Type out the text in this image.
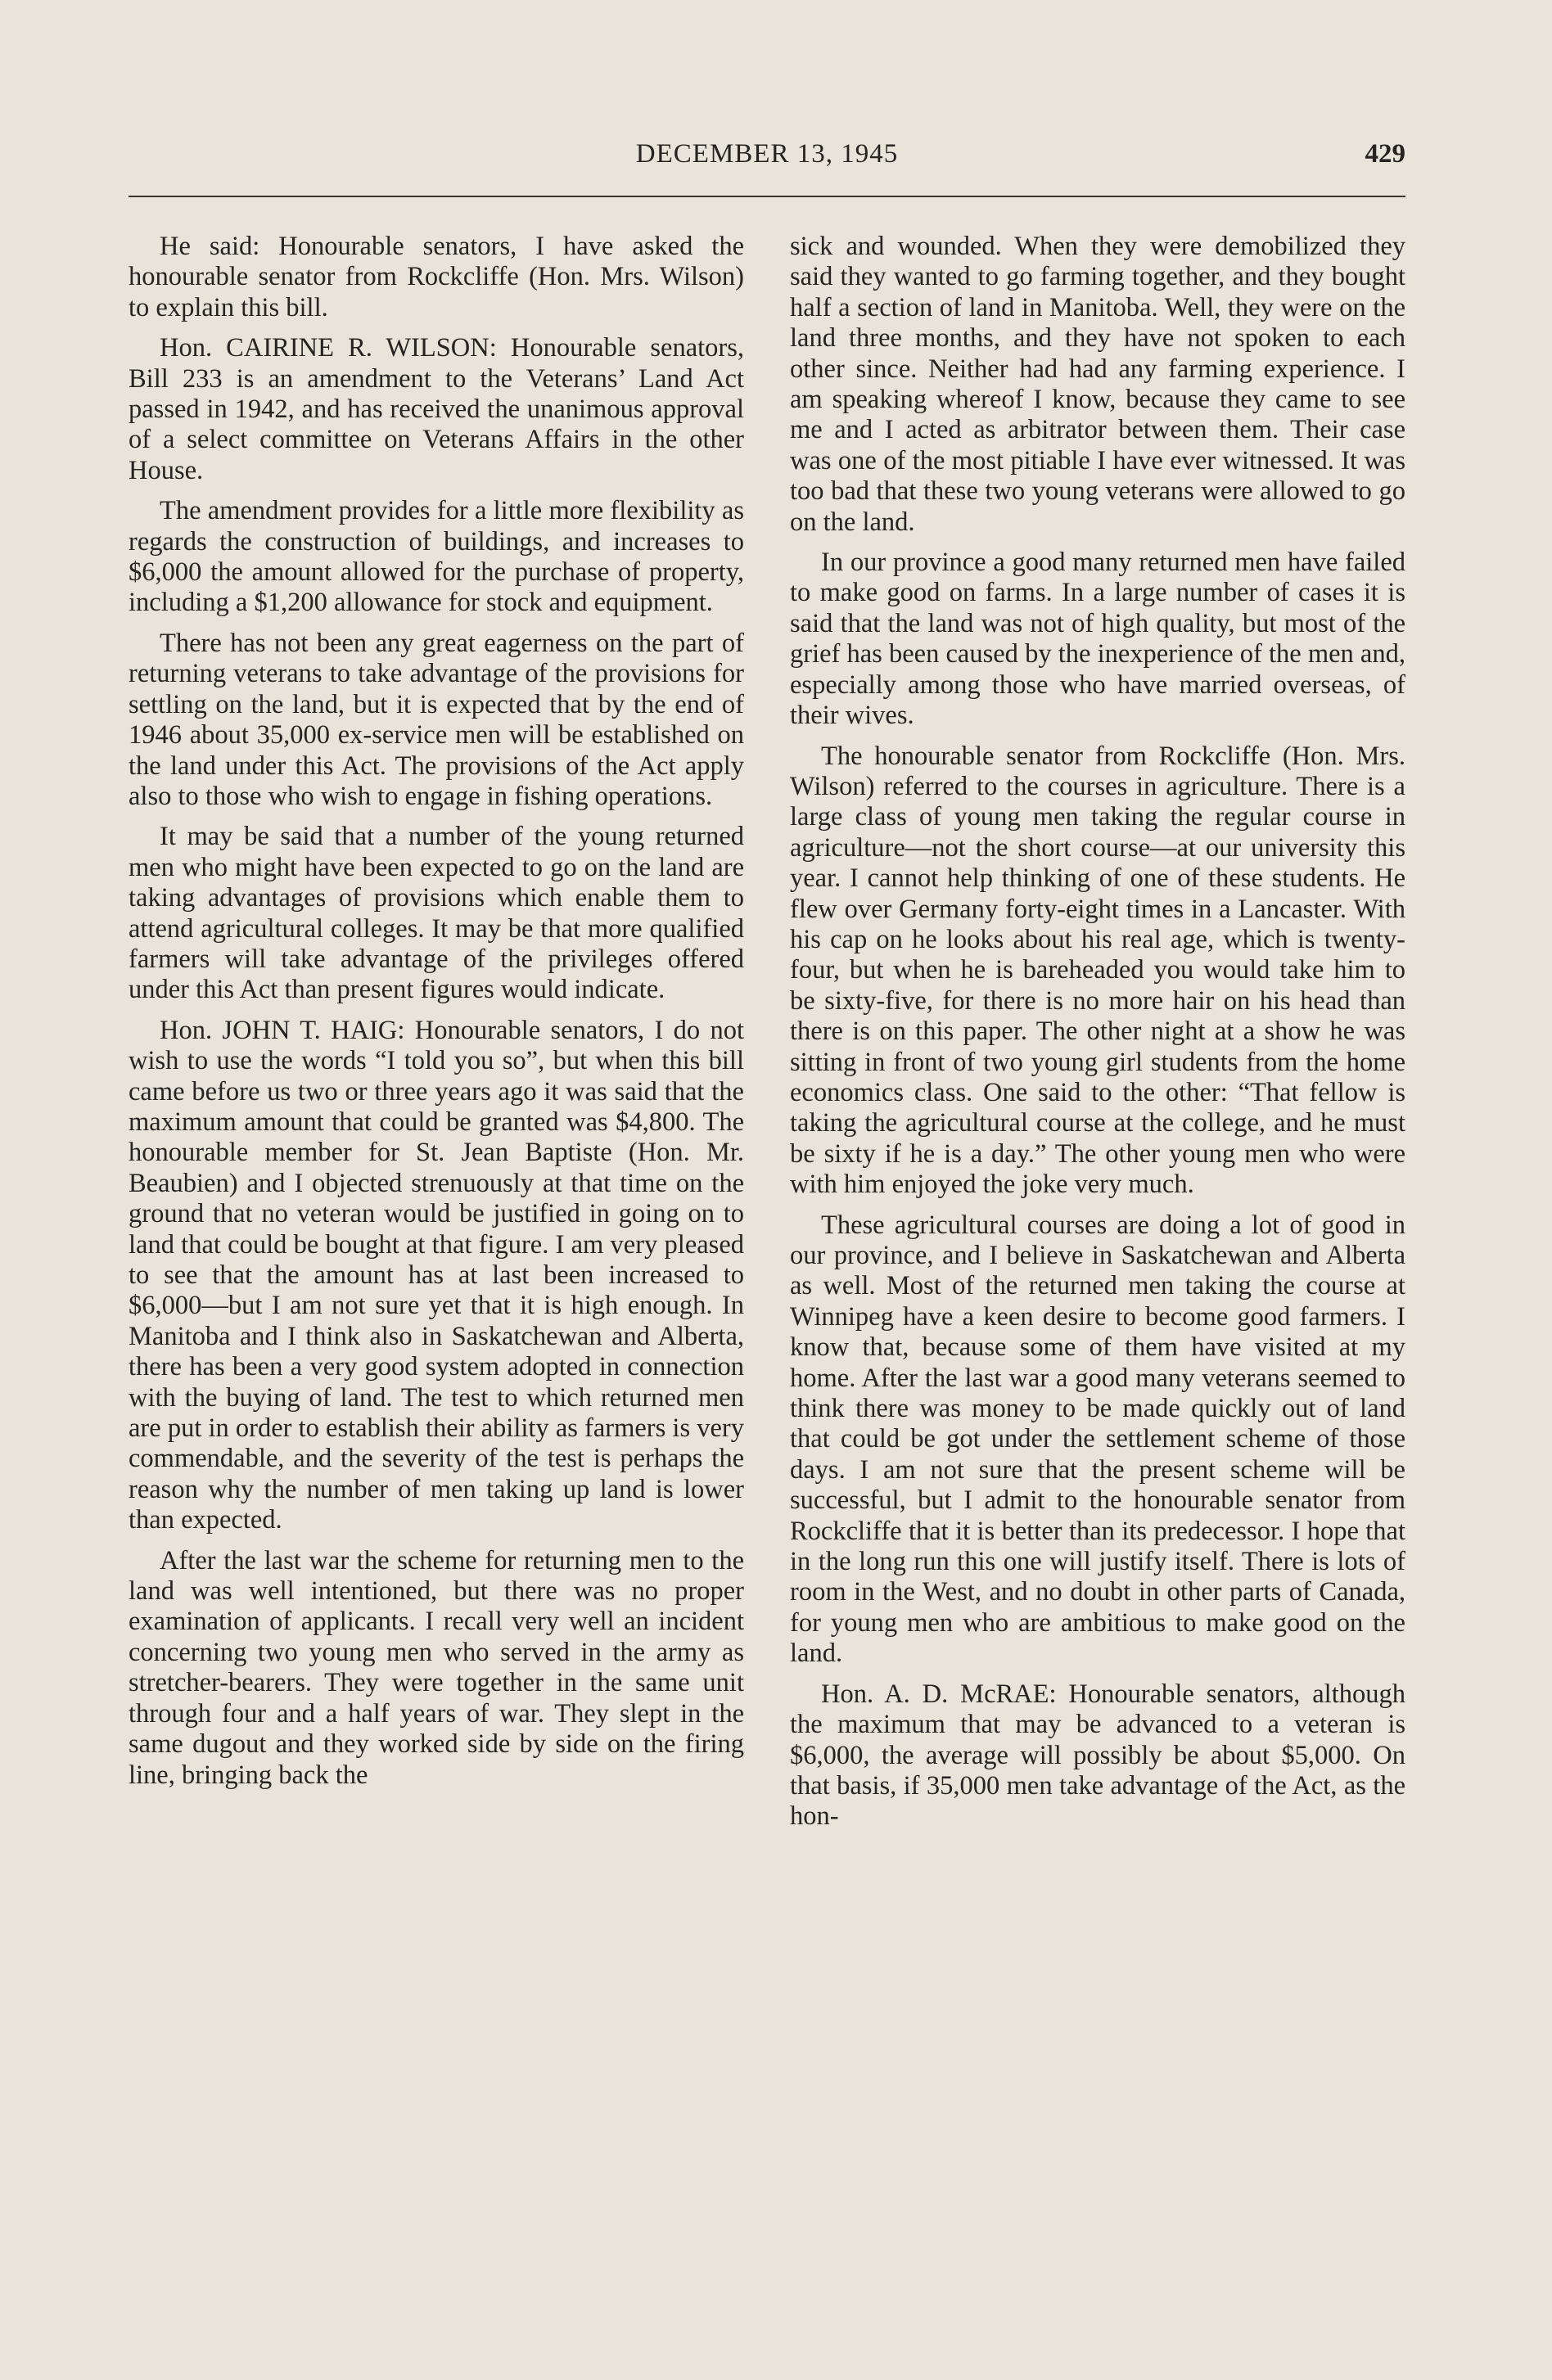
DECEMBER 13, 1945	429

He said: Honourable senators, I have asked the honourable senator from Rockcliffe (Hon. Mrs. Wilson) to explain this bill.

Hon. CAIRINE R. WILSON: Honourable senators, Bill 233 is an amendment to the Veterans’ Land Act passed in 1942, and has received the unanimous approval of a select committee on Veterans Affairs in the other House.

The amendment provides for a little more flexibility as regards the construction of buildings, and increases to $6,000 the amount allowed for the purchase of property, including a $1,200 allowance for stock and equipment.

There has not been any great eagerness on the part of returning veterans to take advantage of the provisions for settling on the land, but it is expected that by the end of 1946 about 35,000 ex-service men will be established on the land under this Act. The provisions of the Act apply also to those who wish to engage in fishing operations.

It may be said that a number of the young returned men who might have been expected to go on the land are taking advantages of provisions which enable them to attend agricultural colleges. It may be that more qualified farmers will take advantage of the privileges offered under this Act than present figures would indicate.

Hon. JOHN T. HAIG: Honourable senators, I do not wish to use the words “I told you so”, but when this bill came before us two or three years ago it was said that the maximum amount that could be granted was $4,800. The honourable member for St. Jean Baptiste (Hon. Mr. Beaubien) and I objected strenuously at that time on the ground that no veteran would be justified in going on to land that could be bought at that figure. I am very pleased to see that the amount has at last been increased to $6,000—but I am not sure yet that it is high enough. In Manitoba and I think also in Saskatchewan and Alberta, there has been a very good system adopted in connection with the buying of land. The test to which returned men are put in order to establish their ability as farmers is very commendable, and the severity of the test is perhaps the reason why the number of men taking up land is lower than expected.

After the last war the scheme for returning men to the land was well intentioned, but there was no proper examination of applicants. I recall very well an incident concerning two young men who served in the army as stretcher-bearers. They were together in the same unit through four and a half years of war. They slept in the same dugout and they worked side by side on the firing line, bringing back the

sick and wounded. When they were demobilized they said they wanted to go farming together, and they bought half a section of land in Manitoba. Well, they were on the land three months, and they have not spoken to each other since. Neither had had any farming experience. I am speaking whereof I know, because they came to see me and I acted as arbitrator between them. Their case was one of the most pitiable I have ever witnessed. It was too bad that these two young veterans were allowed to go on the land.

In our province a good many returned men have failed to make good on farms. In a large number of cases it is said that the land was not of high quality, but most of the grief has been caused by the inexperience of the men and, especially among those who have married overseas, of their wives.

The honourable senator from Rockcliffe (Hon. Mrs. Wilson) referred to the courses in agriculture. There is a large class of young men taking the regular course in agriculture—not the short course—at our university this year. I cannot help thinking of one of these students. He flew over Germany forty-eight times in a Lancaster. With his cap on he looks about his real age, which is twenty-four, but when he is bareheaded you would take him to be sixty-five, for there is no more hair on his head than there is on this paper. The other night at a show he was sitting in front of two young girl students from the home economics class. One said to the other: “That fellow is taking the agricultural course at the college, and he must be sixty if he is a day.” The other young men who were with him enjoyed the joke very much.

These agricultural courses are doing a lot of good in our province, and I believe in Saskatchewan and Alberta as well. Most of the returned men taking the course at Winnipeg have a keen desire to become good farmers. I know that, because some of them have visited at my home. After the last war a good many veterans seemed to think there was money to be made quickly out of land that could be got under the settlement scheme of those days. I am not sure that the present scheme will be successful, but I admit to the honourable senator from Rockcliffe that it is better than its predecessor. I hope that in the long run this one will justify itself. There is lots of room in the West, and no doubt in other parts of Canada, for young men who are ambitious to make good on the land.

Hon. A. D. McRAE: Honourable senators, although the maximum that may be advanced to a veteran is $6,000, the average will possibly be about $5,000. On that basis, if 35,000 men take advantage of the Act, as the hon-
